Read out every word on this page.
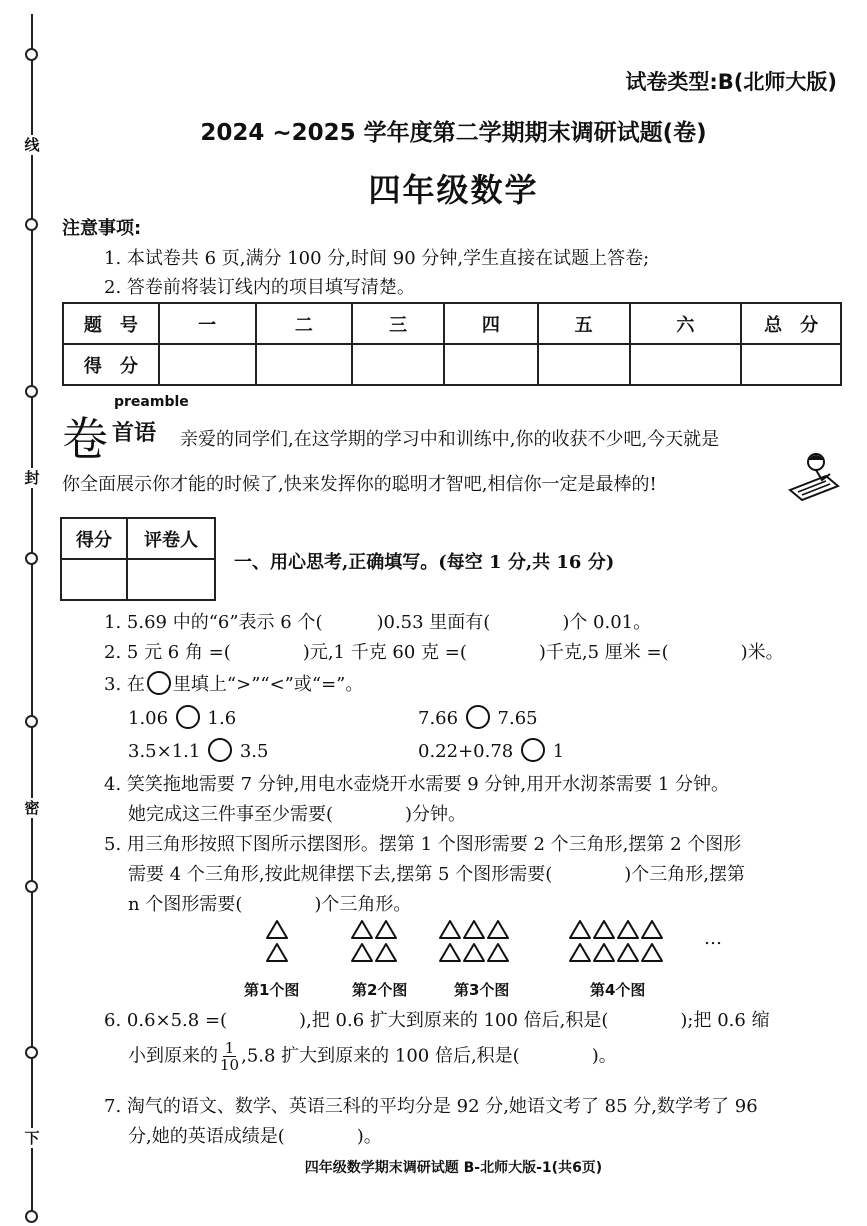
线
封
密
下
试卷类型:B(北师大版)
2024 ~2025 学年度第二学期期末调研试题(卷)
四年级数学
注意事项:
1. 本试卷共 6 页,满分 100 分,时间 90 分钟,学生直接在试题上答卷;
2. 答卷前将装订线内的项目填写清楚。
题　号	一	二	三	四	五	六	总　分
得　分							
卷
preamble
首语 亲爱的同学们,在这学期的学习中和训练中,你的收获不少吧,今天就是
你全面展示你才能的时候了,快来发挥你的聪明才智吧,相信你一定是最棒的!
得分	评卷人

一、用心思考,正确填写。(每空 1 分,共 16 分)
1. 5.69 中的“6”表示 6 个(　　　)0.53 里面有(　　　　)个 0.01。
2. 5 元 6 角 =(　　　　)元,1 千克 60 克 =(　　　　)千克,5 厘米 =(　　　　)米。
3. 在 里填上“>”“<”或“=”。
1.06 1.6	7.66 7.65
3.5×1.1 3.5	0.22+0.78 1
4. 笑笑拖地需要 7 分钟,用电水壶烧开水需要 9 分钟,用开水沏茶需要 1 分钟。
她完成这三件事至少需要(　　　　)分钟。
5. 用三角形按照下图所示摆图形。摆第 1 个图形需要 2 个三角形,摆第 2 个图形
需要 4 个三角形,按此规律摆下去,摆第 5 个图形需要(　　　　)个三角形,摆第
n 个图形需要(　　　　)个三角形。
…
第1个图	第2个图	第3个图	第4个图
6. 0.6×5.8 =(　　　　),把 0.6 扩大到原来的 100 倍后,积是(　　　　);把 0.6 缩
小到原来的 $\frac{1}{10} ,5.8$ 扩大到原来的 100 倍后,积是(　　　　)。
7. 淘气的语文、数学、英语三科的平均分是 92 分,她语文考了 85 分,数学考了 96
分,她的英语成绩是(　　　　)。
四年级数学期末调研试题 B-北师大版-1(共6页)
